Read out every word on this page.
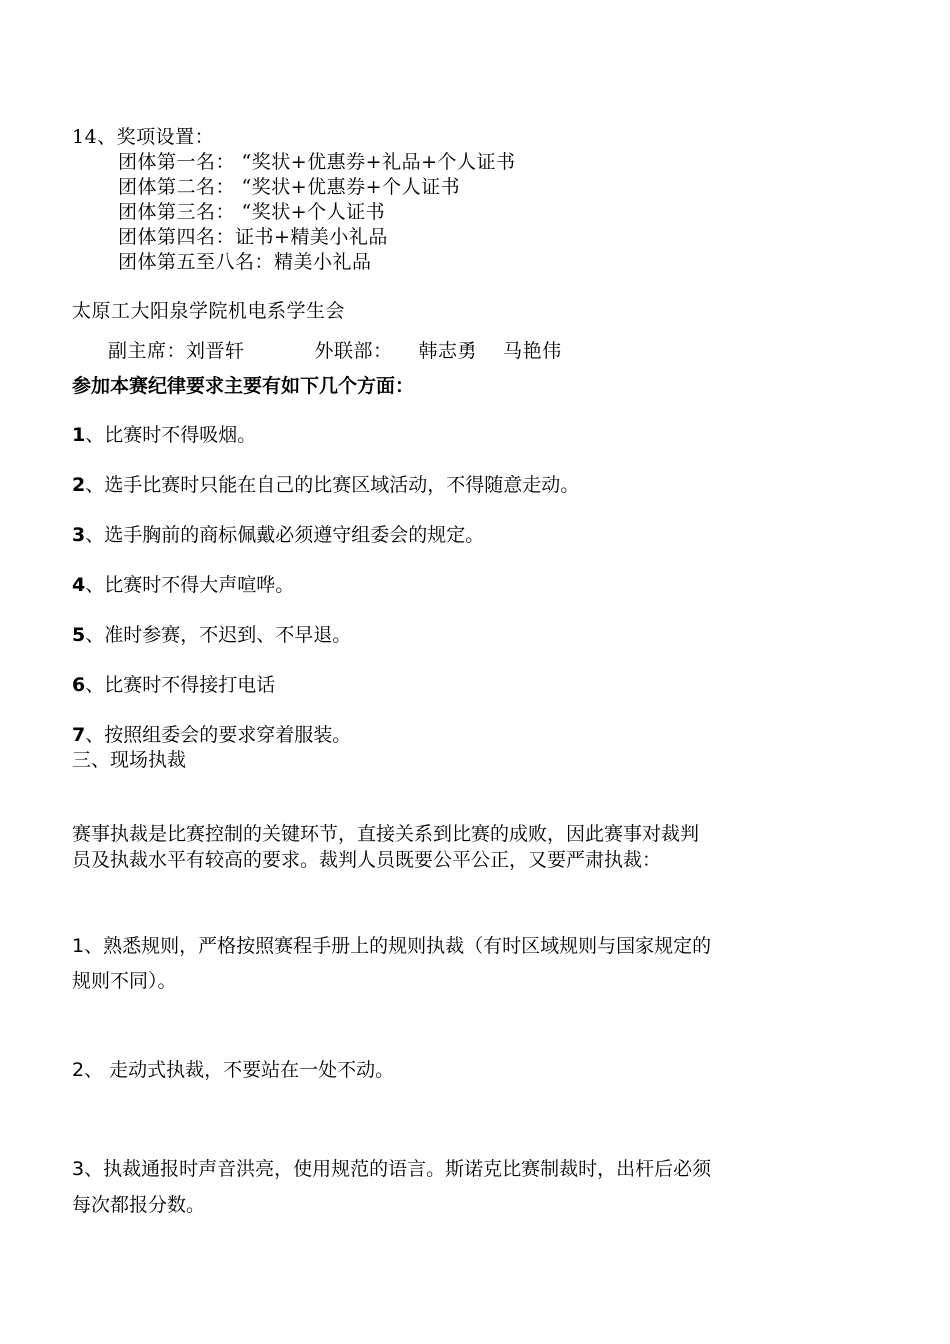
14、奖项设置：
团体第一名： “奖状+优惠券+礼品+个人证书
团体第二名： “奖状+优惠券+个人证书
团体第三名： “奖状+个人证书
团体第四名：证书+精美小礼品
团体第五至八名：精美小礼品
太原工大阳泉学院机电系学生会
副主席：刘晋轩	外联部： 韩志勇 马艳伟
参加本赛纪律要求主要有如下几个方面：
1、比赛时不得吸烟。
2、选手比赛时只能在自己的比赛区域活动，不得随意走动。
3、选手胸前的商标佩戴必须遵守组委会的规定。
4、比赛时不得大声喧哗。
5、准时参赛，不迟到、不早退。
6、比赛时不得接打电话
7、按照组委会的要求穿着服装。
三、现场执裁
赛事执裁是比赛控制的关键环节，直接关系到比赛的成败，因此赛事对裁判
员及执裁水平有较高的要求。裁判人员既要公平公正，又要严肃执裁：
1、熟悉规则，严格按照赛程手册上的规则执裁（有时区域规则与国家规定的
规则不同）。
2、 走动式执裁，不要站在一处不动。
3、执裁通报时声音洪亮，使用规范的语言。斯诺克比赛制裁时，出杆后必须
每次都报分数。
